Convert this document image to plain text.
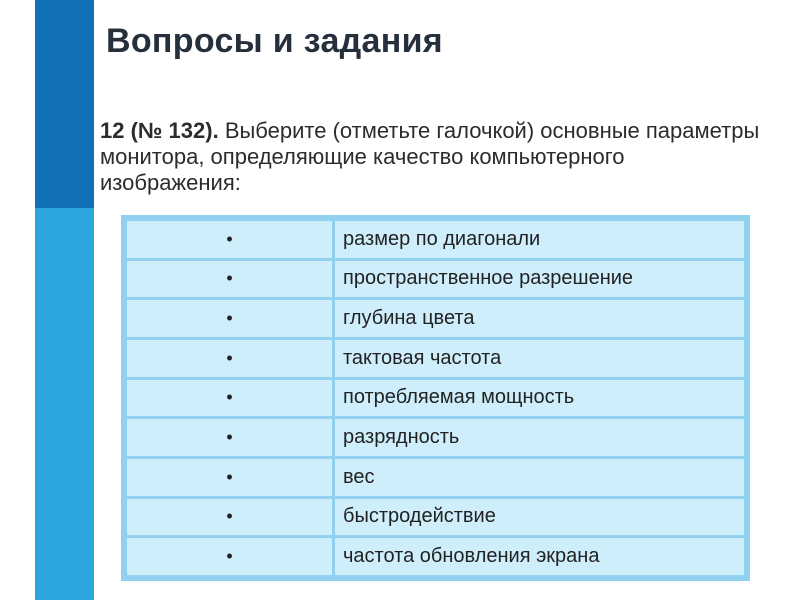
Вопросы и задания
12 (№ 132). Выберите (отметьте галочкой) основные параметры монитора, определяющие качество компьютерного изображения:
•	размер по диагонали
•	пространственное разрешение
•	глубина цвета
•	тактовая частота
•	потребляемая мощность
•	разрядность
•	вес
•	быстродействие
•	частота обновления экрана
